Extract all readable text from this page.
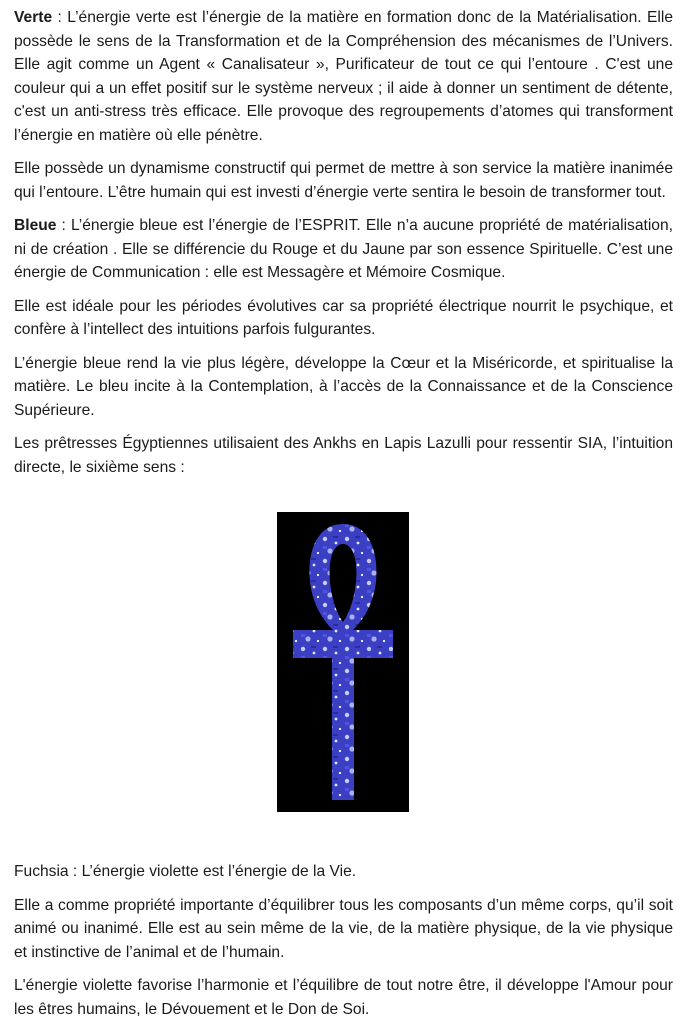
Verte : L’énergie verte est l’énergie de la matière en formation donc de la Matérialisation. Elle possède le sens de la Transformation et de la Compréhension des mécanismes de l’Univers. Elle agit comme un Agent « Canalisateur », Purificateur de tout ce qui l’entoure . C'est une couleur qui a un effet positif sur le système nerveux ; il aide à donner un sentiment de détente, c'est un anti-stress très efficace. Elle provoque des regroupements d’atomes qui transforment l’énergie en matière où elle pénètre.

Elle possède un dynamisme constructif qui permet de mettre à son service la matière inanimée qui l’entoure. L’être humain qui est investi d’énergie verte sentira le besoin de transformer tout.

Bleue : L’énergie bleue est l’énergie de l’ESPRIT. Elle n’a aucune propriété de matérialisation, ni de création . Elle se différencie du Rouge et du Jaune par son essence Spirituelle. C’est une énergie de Communication : elle est Messagère et Mémoire Cosmique.

Elle est idéale pour les périodes évolutives car sa propriété électrique nourrit le psychique, et confère à l’intellect des intuitions parfois fulgurantes.

L’énergie bleue rend la vie plus légère, développe la Cœur et la Miséricorde, et spiritualise la matière. Le bleu incite à la Contemplation, à l’accès de la Connaissance et de la Conscience Supérieure.

Les prêtresses Égyptiennes utilisaient des Ankhs en Lapis Lazulli pour ressentir SIA, l’intuition directe, le sixième sens :

Fuchsia : L’énergie violette est l’énergie de la Vie.

Elle a comme propriété importante d’équilibrer tous les composants d’un même corps, qu’il soit animé ou inanimé. Elle est au sein même de la vie, de la matière physique, de la vie physique et instinctive de l’animal et de l’humain.

L'énergie violette favorise l’harmonie et l’équilibre de tout notre être, il développe l'Amour pour les êtres humains, le Dévouement et le Don de Soi.
